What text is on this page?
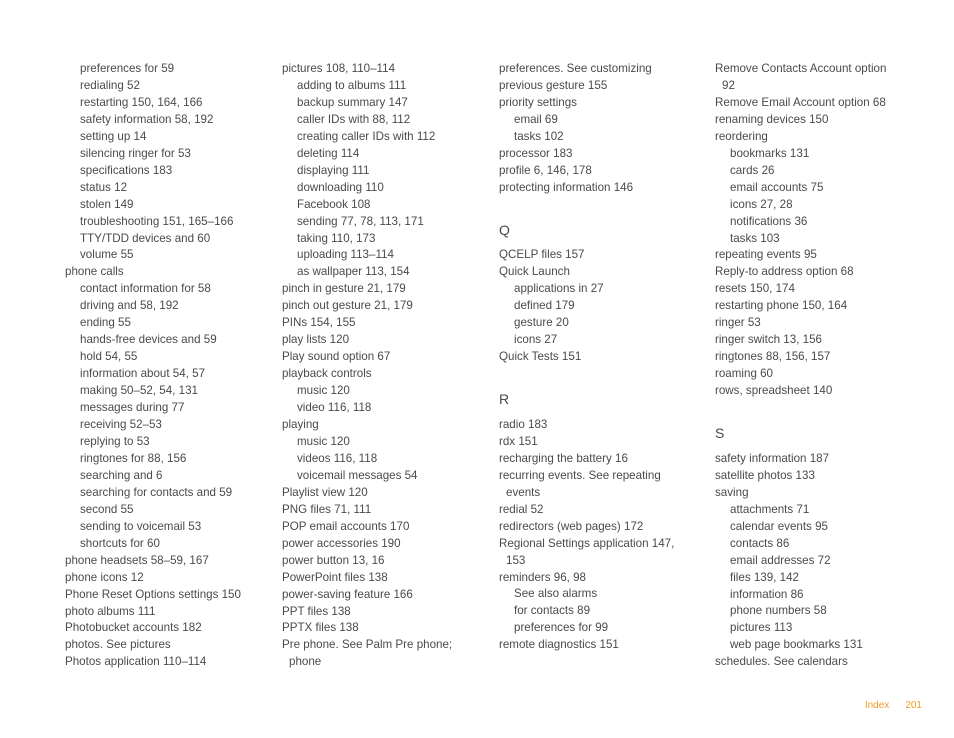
preferences for 59
redialing 52
restarting 150, 164, 166
safety information 58, 192
setting up 14
silencing ringer for 53
specifications 183
status 12
stolen 149
troubleshooting 151, 165–166
TTY/TDD devices and 60
volume 55
phone calls
contact information for 58
driving and 58, 192
ending 55
hands-free devices and 59
hold 54, 55
information about 54, 57
making 50–52, 54, 131
messages during 77
receiving 52–53
replying to 53
ringtones for 88, 156
searching and 6
searching for contacts and 59
second 55
sending to voicemail 53
shortcuts for 60
phone headsets 58–59, 167
phone icons 12
Phone Reset Options settings 150
photo albums 111
Photobucket accounts 182
photos. See pictures
Photos application 110–114
pictures 108, 110–114
adding to albums 111
backup summary 147
caller IDs with 88, 112
creating caller IDs with 112
deleting 114
displaying 111
downloading 110
Facebook 108
sending 77, 78, 113, 171
taking 110, 173
uploading 113–114
as wallpaper 113, 154
pinch in gesture 21, 179
pinch out gesture 21, 179
PINs 154, 155
play lists 120
Play sound option 67
playback controls
music 120
video 116, 118
playing
music 120
videos 116, 118
voicemail messages 54
Playlist view 120
PNG files 71, 111
POP email accounts 170
power accessories 190
power button 13, 16
PowerPoint files 138
power-saving feature 166
PPT files 138
PPTX files 138
Pre phone. See Palm Pre phone;
phone
preferences. See customizing
previous gesture 155
priority settings
email 69
tasks 102
processor 183
profile 6, 146, 178
protecting information 146
Q
QCELP files 157
Quick Launch
applications in 27
defined 179
gesture 20
icons 27
Quick Tests 151
R
radio 183
rdx 151
recharging the battery 16
recurring events. See repeating
events
redial 52
redirectors (web pages) 172
Regional Settings application 147,
153
reminders 96, 98
See also alarms
for contacts 89
preferences for 99
remote diagnostics 151
Remove Contacts Account option
92
Remove Email Account option 68
renaming devices 150
reordering
bookmarks 131
cards 26
email accounts 75
icons 27, 28
notifications 36
tasks 103
repeating events 95
Reply-to address option 68
resets 150, 174
restarting phone 150, 164
ringer 53
ringer switch 13, 156
ringtones 88, 156, 157
roaming 60
rows, spreadsheet 140
S
safety information 187
satellite photos 133
saving
attachments 71
calendar events 95
contacts 86
email addresses 72
files 139, 142
information 86
phone numbers 58
pictures 113
web page bookmarks 131
schedules. See calendars
Index 201
